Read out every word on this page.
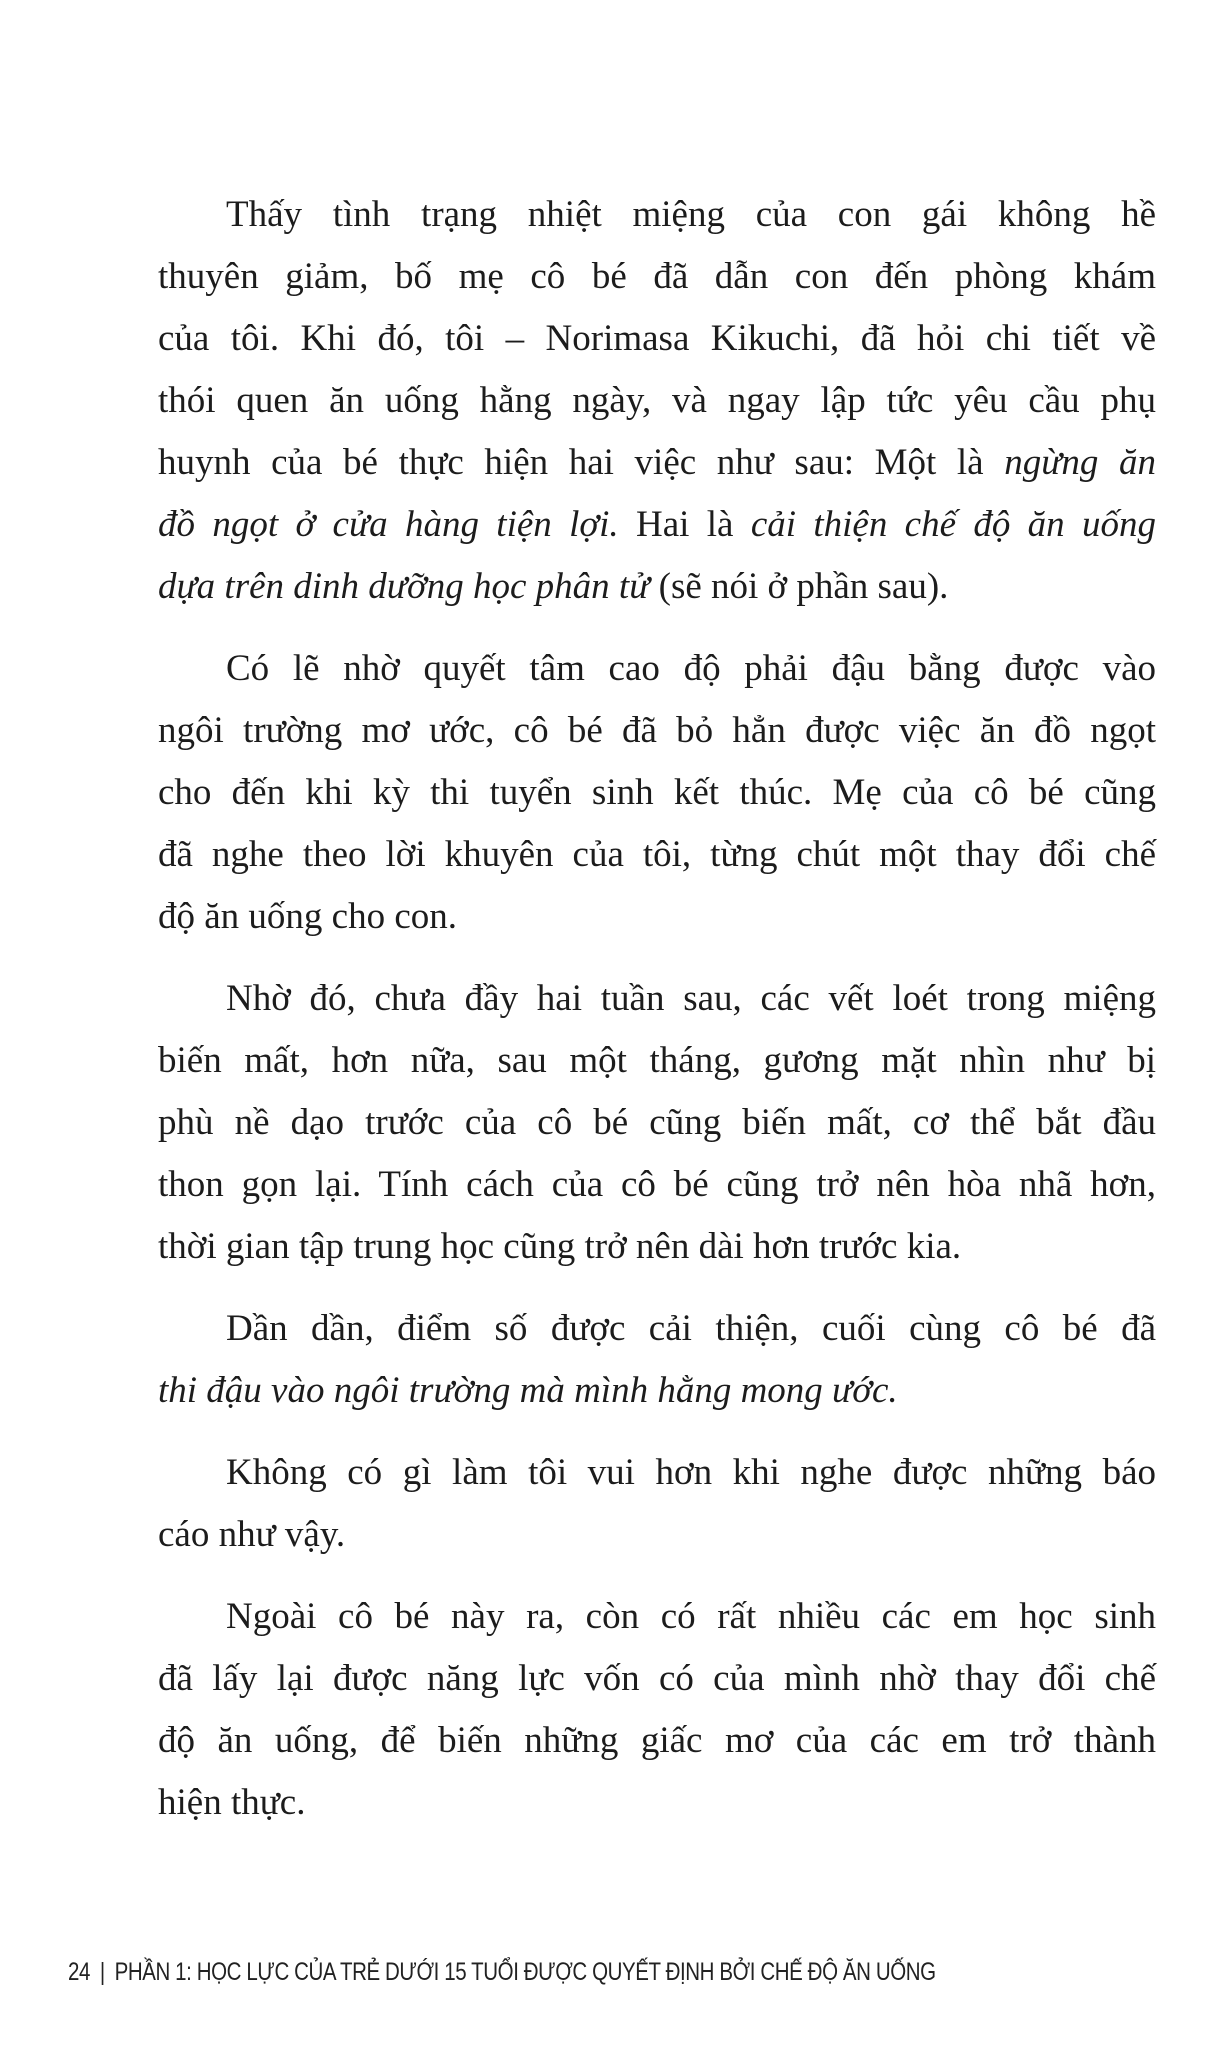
Thấy tình trạng nhiệt miệng của con gái không hề
thuyên giảm, bố mẹ cô bé đã dẫn con đến phòng khám
của tôi. Khi đó, tôi – Norimasa Kikuchi, đã hỏi chi tiết về
thói quen ăn uống hằng ngày, và ngay lập tức yêu cầu phụ
huynh của bé thực hiện hai việc như sau: Một là ngừng ăn
đồ ngọt ở cửa hàng tiện lợi. Hai là cải thiện chế độ ăn uống
dựa trên dinh dưỡng học phân tử (sẽ nói ở phần sau).
Có lẽ nhờ quyết tâm cao độ phải đậu bằng được vào
ngôi trường mơ ước, cô bé đã bỏ hẳn được việc ăn đồ ngọt
cho đến khi kỳ thi tuyển sinh kết thúc. Mẹ của cô bé cũng
đã nghe theo lời khuyên của tôi, từng chút một thay đổi chế
độ ăn uống cho con.
Nhờ đó, chưa đầy hai tuần sau, các vết loét trong miệng
biến mất, hơn nữa, sau một tháng, gương mặt nhìn như bị
phù nề dạo trước của cô bé cũng biến mất, cơ thể bắt đầu
thon gọn lại. Tính cách của cô bé cũng trở nên hòa nhã hơn,
thời gian tập trung học cũng trở nên dài hơn trước kia.
Dần dần, điểm số được cải thiện, cuối cùng cô bé đã
thi đậu vào ngôi trường mà mình hằng mong ước.
Không có gì làm tôi vui hơn khi nghe được những báo
cáo như vậy.
Ngoài cô bé này ra, còn có rất nhiều các em học sinh
đã lấy lại được năng lực vốn có của mình nhờ thay đổi chế
độ ăn uống, để biến những giấc mơ của các em trở thành
hiện thực.
24 | PHẦN 1: HỌC LỰC CỦA TRẺ DƯỚI 15 TUỔI ĐƯỢC QUYẾT ĐỊNH BỞI CHẾ ĐỘ ĂN UỐNG
